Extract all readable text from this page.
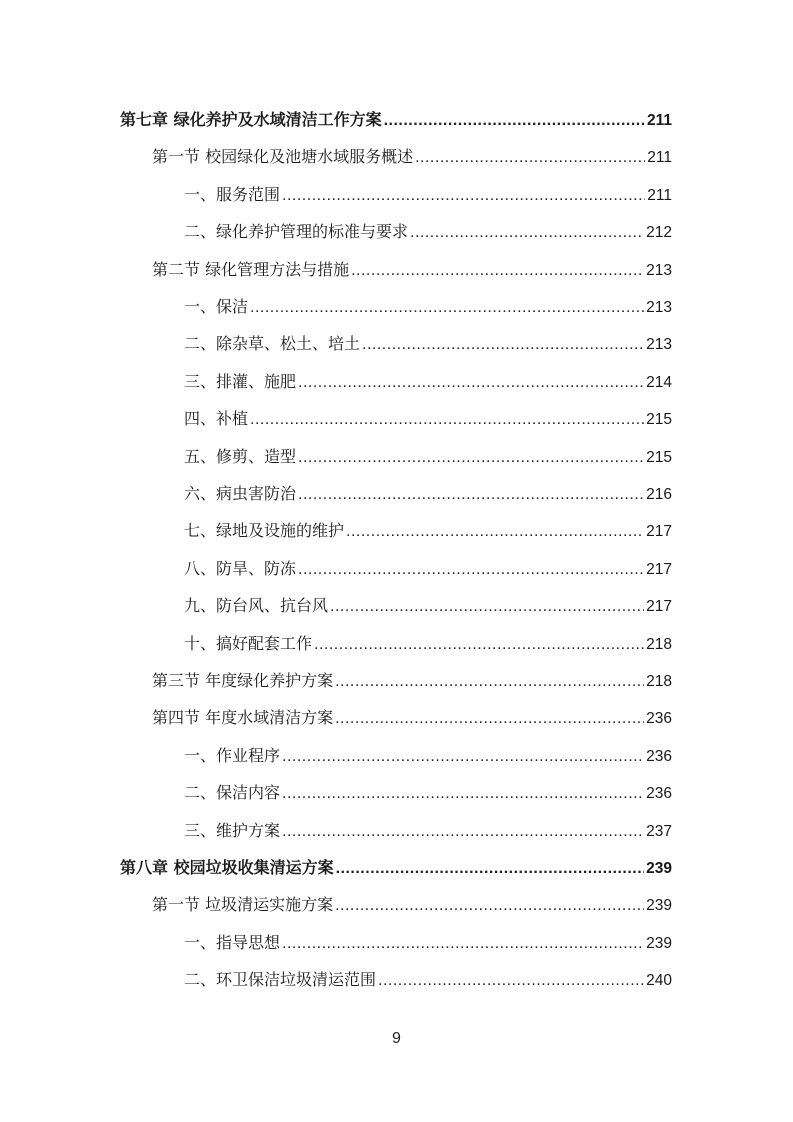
第七章 绿化养护及水域清洁工作方案 .....	211
第一节 校园绿化及池塘水域服务概述 .....	211
一、服务范围 .....	211
二、绿化养护管理的标准与要求 .....	212
第二节 绿化管理方法与措施 .....	213
一、保洁 .....	213
二、除杂草、松土、培土 .....	213
三、排灌、施肥 .....	214
四、补植 .....	215
五、修剪、造型 .....	215
六、病虫害防治 .....	216
七、绿地及设施的维护 .....	217
八、防旱、防冻 .....	217
九、防台风、抗台风 .....	217
十、搞好配套工作 .....	218
第三节 年度绿化养护方案 .....	218
第四节 年度水域清洁方案 .....	236
一、作业程序 .....	236
二、保洁内容 .....	236
三、维护方案 .....	237
第八章 校园垃圾收集清运方案 .....	239
第一节 垃圾清运实施方案 .....	239
一、指导思想 .....	239
二、环卫保洁垃圾清运范围 .....	240
9
